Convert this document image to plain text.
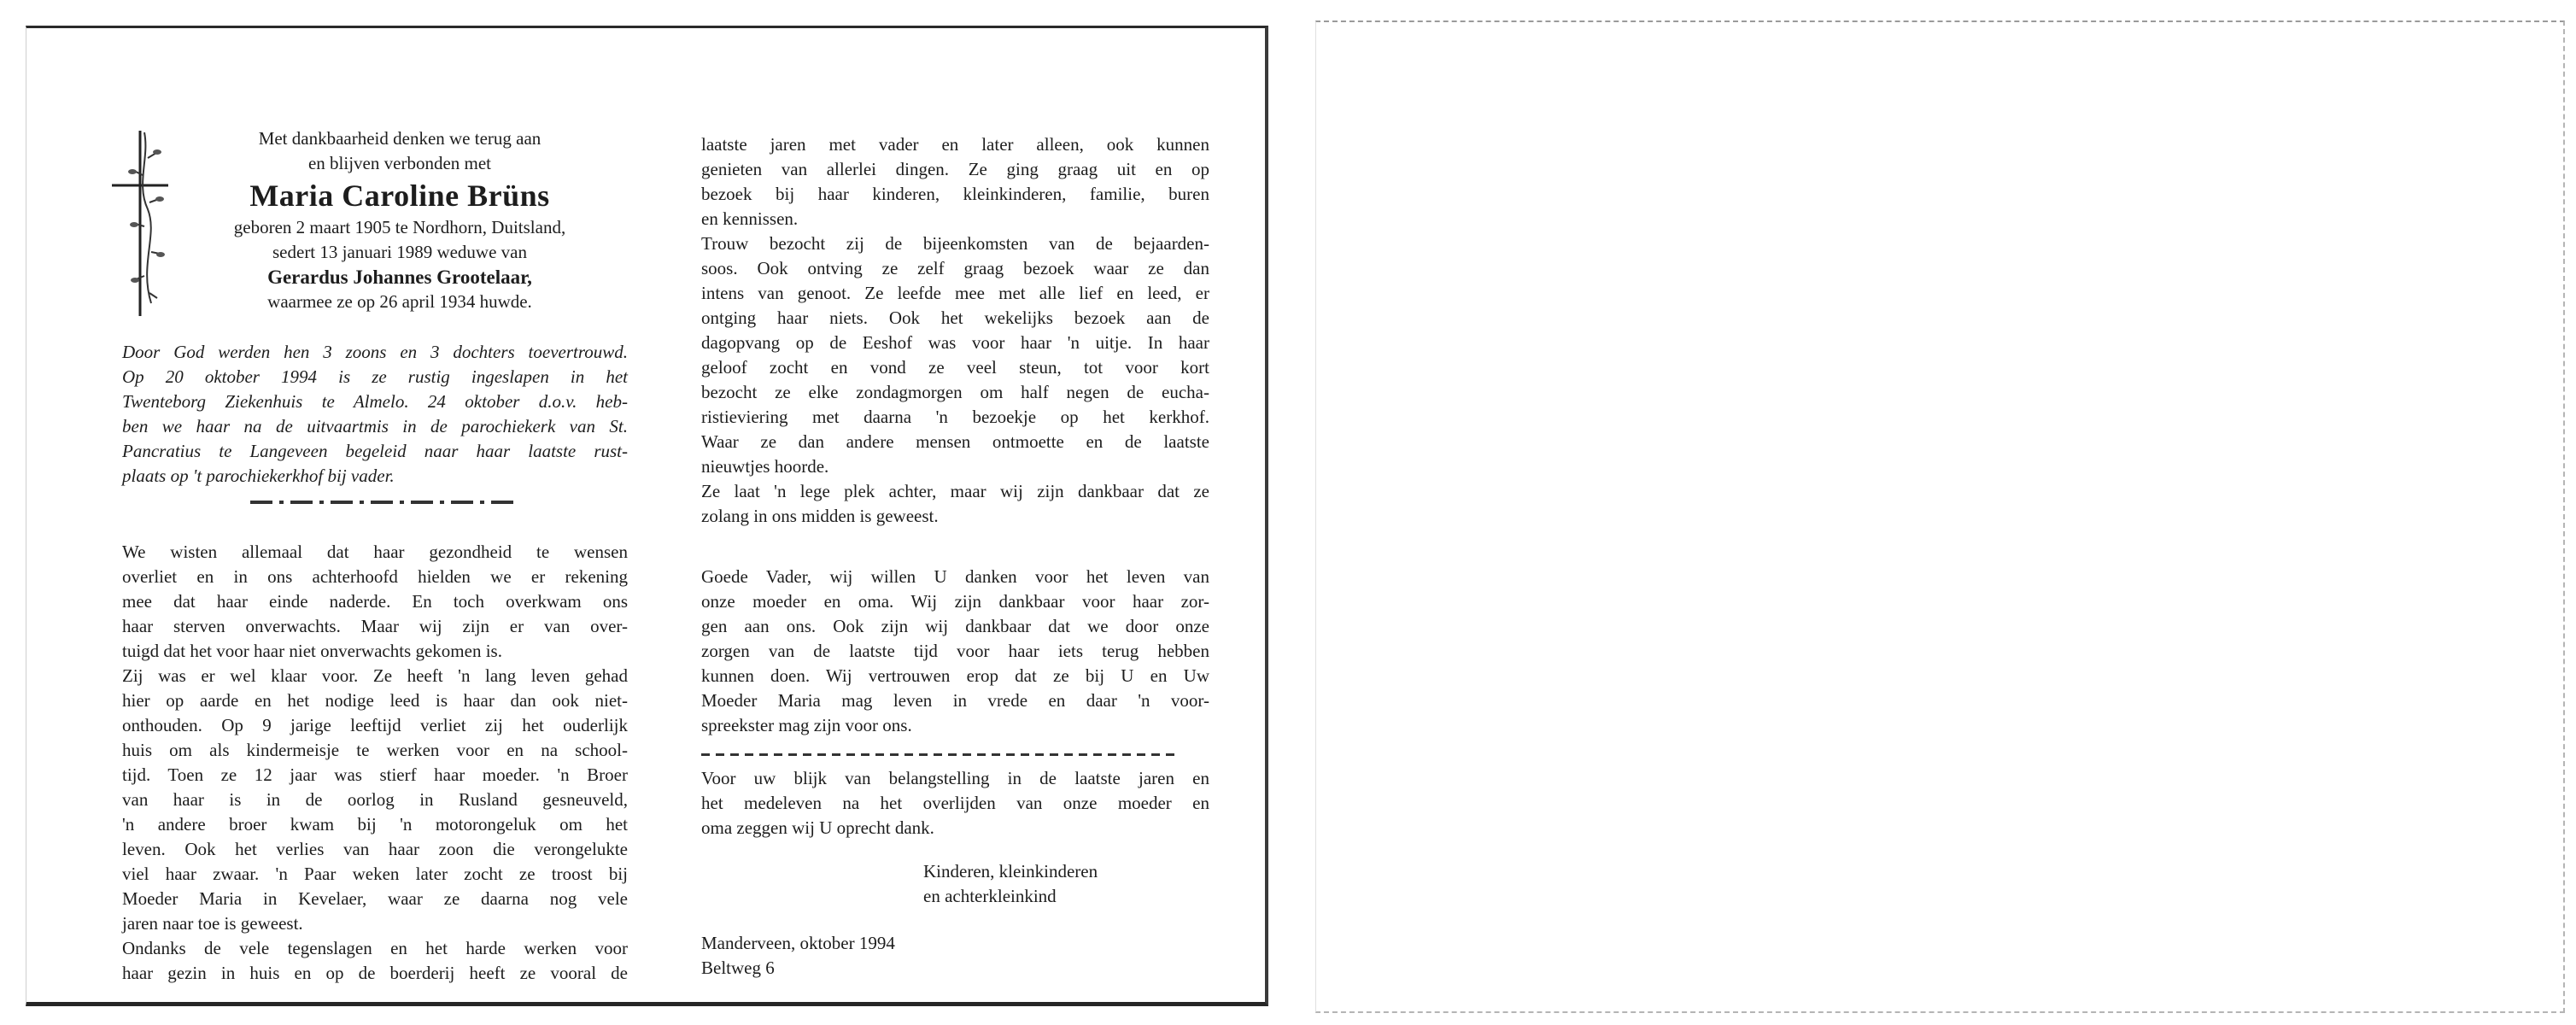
Met dankbaarheid denken we terug aan

en blijven verbonden met

Maria Caroline Brüns

geboren 2 maart 1905 te Nordhorn, Duitsland,

sedert 13 januari 1989 weduwe van

Gerardus Johannes Grootelaar,

waarmee ze op 26 april 1934 huwde.

Door God werden hen 3 zoons en 3 dochters toevertrouwd.
Op 20 oktober 1994 is ze rustig ingeslapen in het
Twenteborg Ziekenhuis te Almelo. 24 oktober d.o.v. heb-
ben we haar na de uitvaartmis in de parochiekerk van St.
Pancratius te Langeveen begeleid naar haar laatste rust-
plaats op 't parochiekerkhof bij vader.
We wisten allemaal dat haar gezondheid te wensen
overliet en in ons achterhoofd hielden we er rekening
mee dat haar einde naderde. En toch overkwam ons
haar sterven onverwachts. Maar wij zijn er van over-
tuigd dat het voor haar niet onverwachts gekomen is.
Zij was er wel klaar voor. Ze heeft 'n lang leven gehad
hier op aarde en het nodige leed is haar dan ook niet-
onthouden. Op 9 jarige leeftijd verliet zij het ouderlijk
huis om als kindermeisje te werken voor en na school-
tijd. Toen ze 12 jaar was stierf haar moeder. 'n Broer
van haar is in de oorlog in Rusland gesneuveld,
'n andere broer kwam bij 'n motorongeluk om het
leven. Ook het verlies van haar zoon die verongelukte
viel haar zwaar. 'n Paar weken later zocht ze troost bij
Moeder Maria in Kevelaer, waar ze daarna nog vele
jaren naar toe is geweest.
Ondanks de vele tegenslagen en het harde werken voor
haar gezin in huis en op de boerderij heeft ze vooral de
laatste jaren met vader en later alleen, ook kunnen
genieten van allerlei dingen. Ze ging graag uit en op
bezoek bij haar kinderen, kleinkinderen, familie, buren
en kennissen.
Trouw bezocht zij de bijeenkomsten van de bejaarden-
soos. Ook ontving ze zelf graag bezoek waar ze dan
intens van genoot. Ze leefde mee met alle lief en leed, er
ontging haar niets. Ook het wekelijks bezoek aan de
dagopvang op de Eeshof was voor haar 'n uitje. In haar
geloof zocht en vond ze veel steun, tot voor kort
bezocht ze elke zondagmorgen om half negen de eucha-
ristieviering met daarna 'n bezoekje op het kerkhof.
Waar ze dan andere mensen ontmoette en de laatste
nieuwtjes hoorde.
Ze laat 'n lege plek achter, maar wij zijn dankbaar dat ze
zolang in ons midden is geweest.
Goede Vader, wij willen U danken voor het leven van
onze moeder en oma. Wij zijn dankbaar voor haar zor-
gen aan ons. Ook zijn wij dankbaar dat we door onze
zorgen van de laatste tijd voor haar iets terug hebben
kunnen doen. Wij vertrouwen erop dat ze bij U en Uw
Moeder Maria mag leven in vrede en daar 'n voor-
spreekster mag zijn voor ons.
Voor uw blijk van belangstelling in de laatste jaren en
het medeleven na het overlijden van onze moeder en
oma zeggen wij U oprecht dank.
Kinderen, kleinkinderen
en achterkleinkind
Manderveen, oktober 1994
Beltweg 6
